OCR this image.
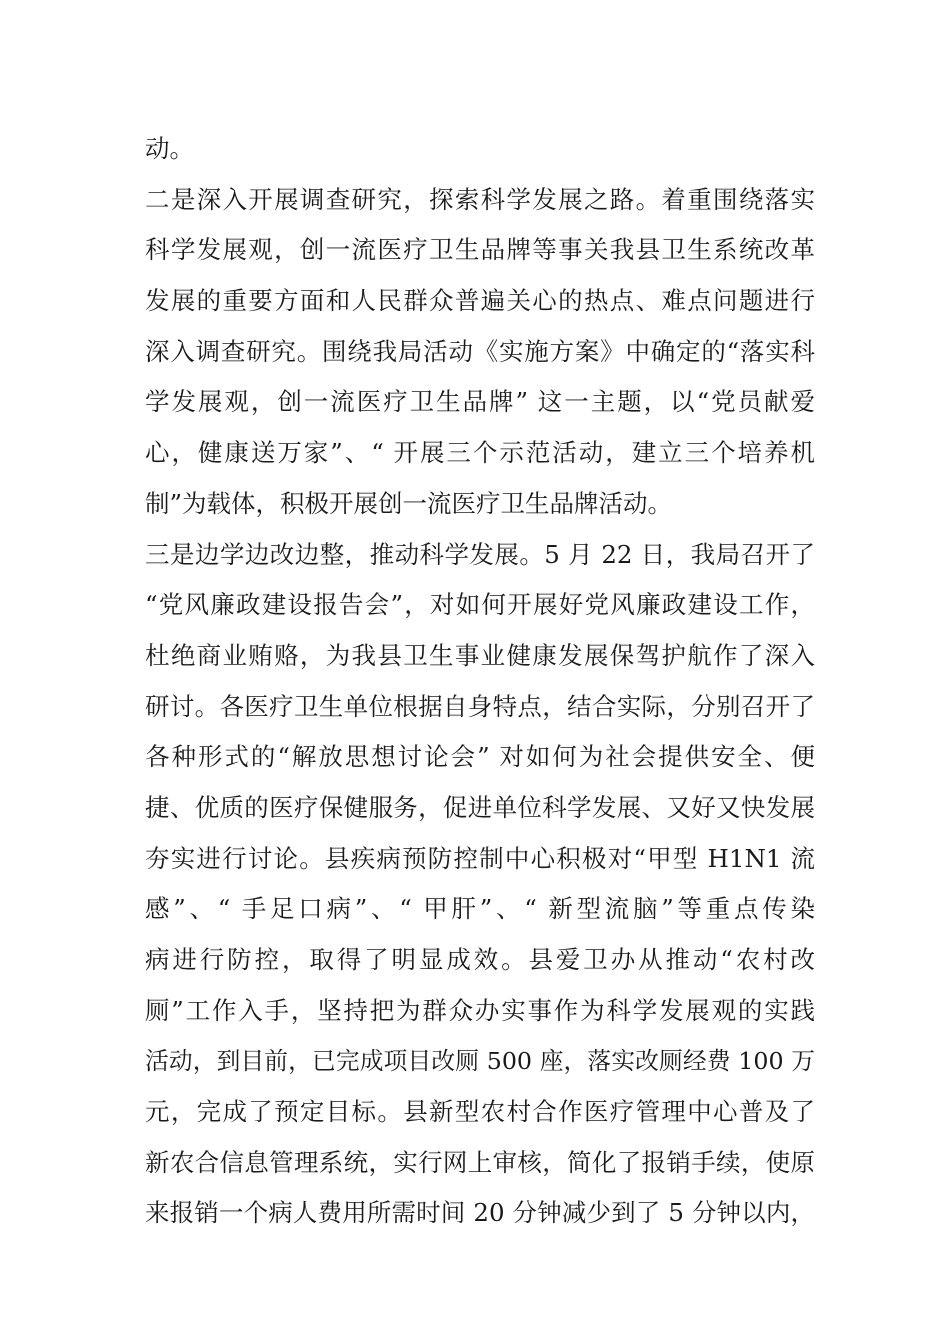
动。
二是深入开展调查研究，探索科学发展之路。着重围绕落实
科学发展观，创一流医疗卫生品牌等事关我县卫生系统改革
发展的重要方面和人民群众普遍关心的热点、难点问题进行
深入调查研究。围绕我局活动《实施方案》中确定的“落实科
学发展观，创一流医疗卫生品牌” 这一主题，以“党员献爱
心，健康送万家”、“ 开展三个示范活动，建立三个培养机
制”为载体，积极开展创一流医疗卫生品牌活动。
三是边学边改边整，推动科学发展。5 月 22 日，我局召开了
“党风廉政建设报告会”，对如何开展好党风廉政建设工作，
杜绝商业贿赂，为我县卫生事业健康发展保驾护航作了深入
研讨。各医疗卫生单位根据自身特点，结合实际，分别召开了
各种形式的“解放思想讨论会” 对如何为社会提供安全、便
捷、优质的医疗保健服务，促进单位科学发展、又好又快发展
夯实进行讨论。县疾病预防控制中心积极对“甲型 H1N1 流
感”、“ 手足口病”、“ 甲肝”、“ 新型流脑”等重点传染
病进行防控，取得了明显成效。县爱卫办从推动“农村改
厕”工作入手，坚持把为群众办实事作为科学发展观的实践
活动，到目前，已完成项目改厕 500 座，落实改厕经费 100 万
元，完成了预定目标。县新型农村合作医疗管理中心普及了
新农合信息管理系统，实行网上审核，简化了报销手续，使原
来报销一个病人费用所需时间 20 分钟减少到了 5 分钟以内，
